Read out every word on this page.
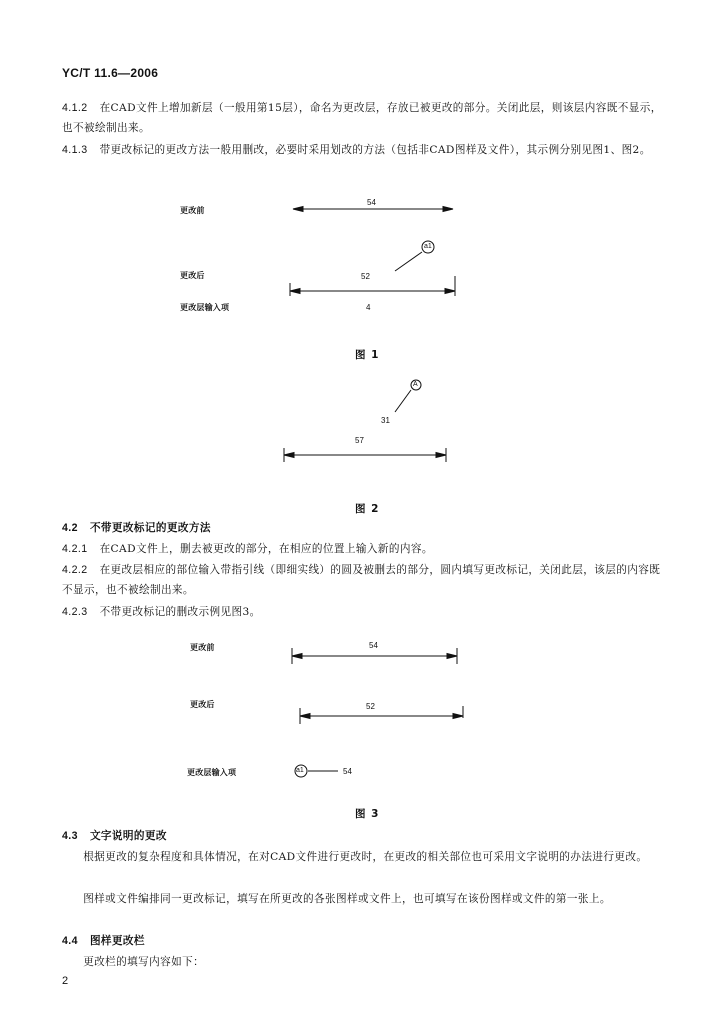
YC/T 11.6—2006
4.1.2 在CAD文件上增加新层（一般用第15层），命名为更改层，存放已被更改的部分。关闭此层，则该层内容既不显示，也不被绘制出来。
4.1.3 带更改标记的更改方法一般用删改，必要时采用划改的方法（包括非CAD图样及文件），其示例分别见图1、图2。
更改前
更改后
更改层输入项
54
52
4
a1
图 1
A
31
57
图 2
4.2 不带更改标记的更改方法
4.2.1 在CAD文件上，删去被更改的部分，在相应的位置上输入新的内容。
4.2.2 在更改层相应的部位输入带指引线（即细实线）的圆及被删去的部分，圆内填写更改标记，关闭此层，该层的内容既不显示，也不被绘制出来。
4.2.3 不带更改标记的删改示例见图3。
更改前
更改后
更改层输入项
54
52
a1	54
图 3
4.3 文字说明的更改
根据更改的复杂程度和具体情况，在对CAD文件进行更改时，在更改的相关部位也可采用文字说明的办法进行更改。
图样或文件编排同一更改标记，填写在所更改的各张图样或文件上，也可填写在该份图样或文件的第一张上。
4.4 图样更改栏
更改栏的填写内容如下：
2
